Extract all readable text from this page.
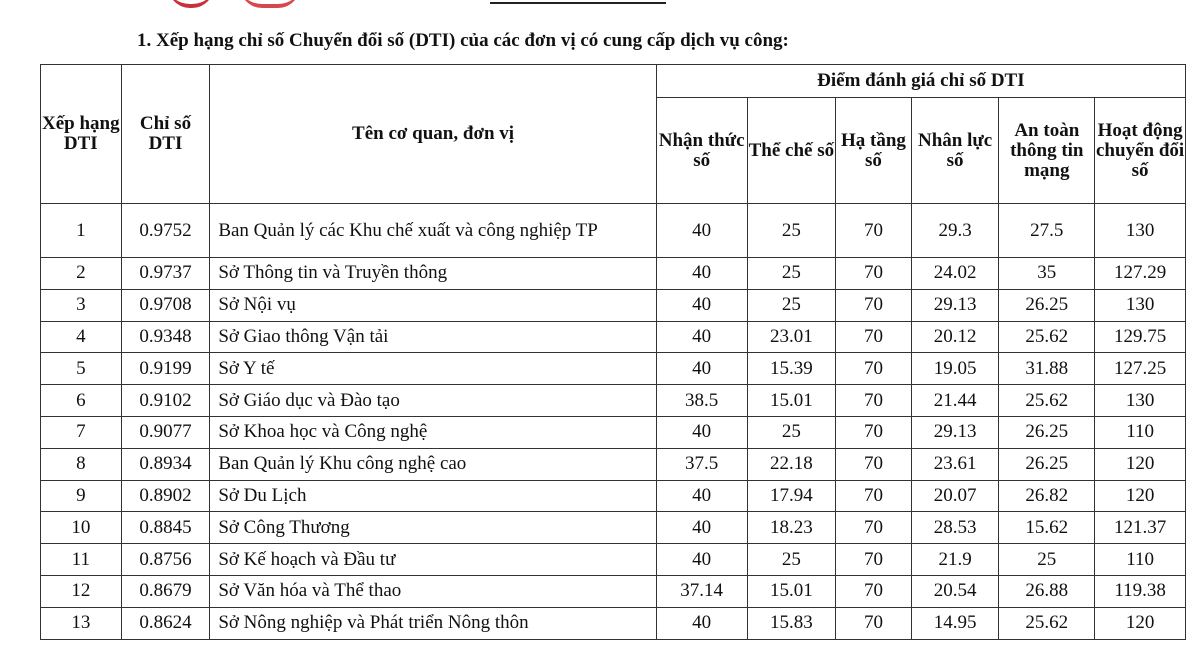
1. Xếp hạng chỉ số Chuyển đổi số (DTI) của các đơn vị có cung cấp dịch vụ công:
Xếp hạng DTI	Chỉ số DTI	Tên cơ quan, đơn vị	Điểm đánh giá chỉ số DTI					
			Nhận thức số	Thể chế số	Hạ tầng số	Nhân lực số	An toàn thông tin mạng	Hoạt động chuyển đổi số
1	0.9752	Ban Quản lý các Khu chế xuất và công nghiệp TP	40	25	70	29.3	27.5	130
2	0.9737	Sở Thông tin và Truyền thông	40	25	70	24.02	35	127.29
3	0.9708	Sở Nội vụ	40	25	70	29.13	26.25	130
4	0.9348	Sở Giao thông Vận tải	40	23.01	70	20.12	25.62	129.75
5	0.9199	Sở Y tế	40	15.39	70	19.05	31.88	127.25
6	0.9102	Sở Giáo dục và Đào tạo	38.5	15.01	70	21.44	25.62	130
7	0.9077	Sở Khoa học và Công nghệ	40	25	70	29.13	26.25	110
8	0.8934	Ban Quản lý Khu công nghệ cao	37.5	22.18	70	23.61	26.25	120
9	0.8902	Sở Du Lịch	40	17.94	70	20.07	26.82	120
10	0.8845	Sở Công Thương	40	18.23	70	28.53	15.62	121.37
11	0.8756	Sở Kế hoạch và Đầu tư	40	25	70	21.9	25	110
12	0.8679	Sở Văn hóa và Thể thao	37.14	15.01	70	20.54	26.88	119.38
13	0.8624	Sở Nông nghiệp và Phát triển Nông thôn	40	15.83	70	14.95	25.62	120
